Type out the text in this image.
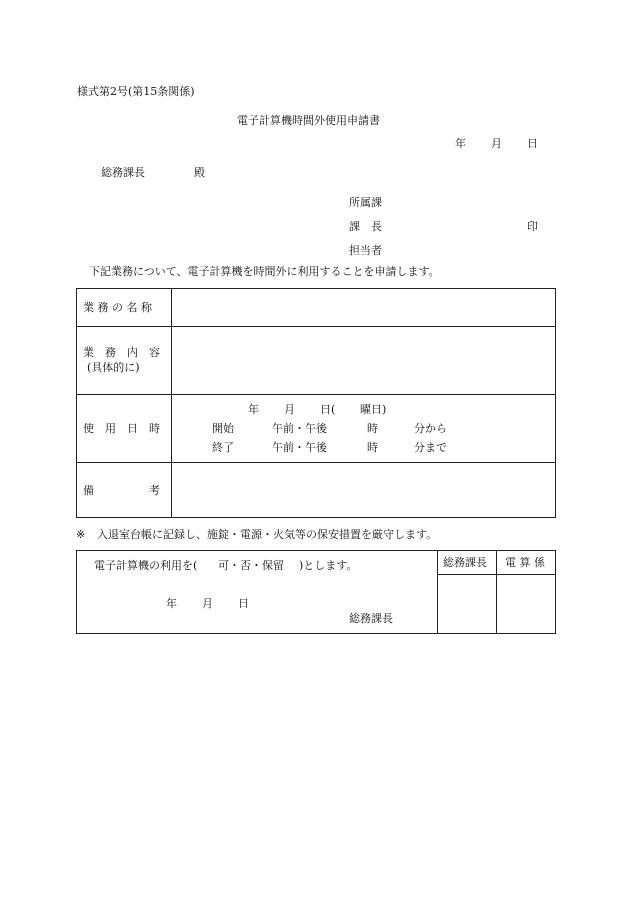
様式第2号(第15条関係)
電子計算機時間外使用申請書
年 月 日
総務課長	殿
所属課
課　長	印
担当者
下記業務について、電子計算機を時間外に利用することを申請します。
業 務 の 名 称
業　務　内　容
(具体的に)
使　用　日　時
年 月 日( 曜日)
開始	午前・午後	時	分から
終了	午前・午後	時	分まで
備　　　　　考
※ 入退室台帳に記録し、施錠・電源・火気等の保安措置を厳守します。
電子計算機の利用を( 可・否・保留 )とします。
年 月 日
総務課長
総務課長 電 算 係
